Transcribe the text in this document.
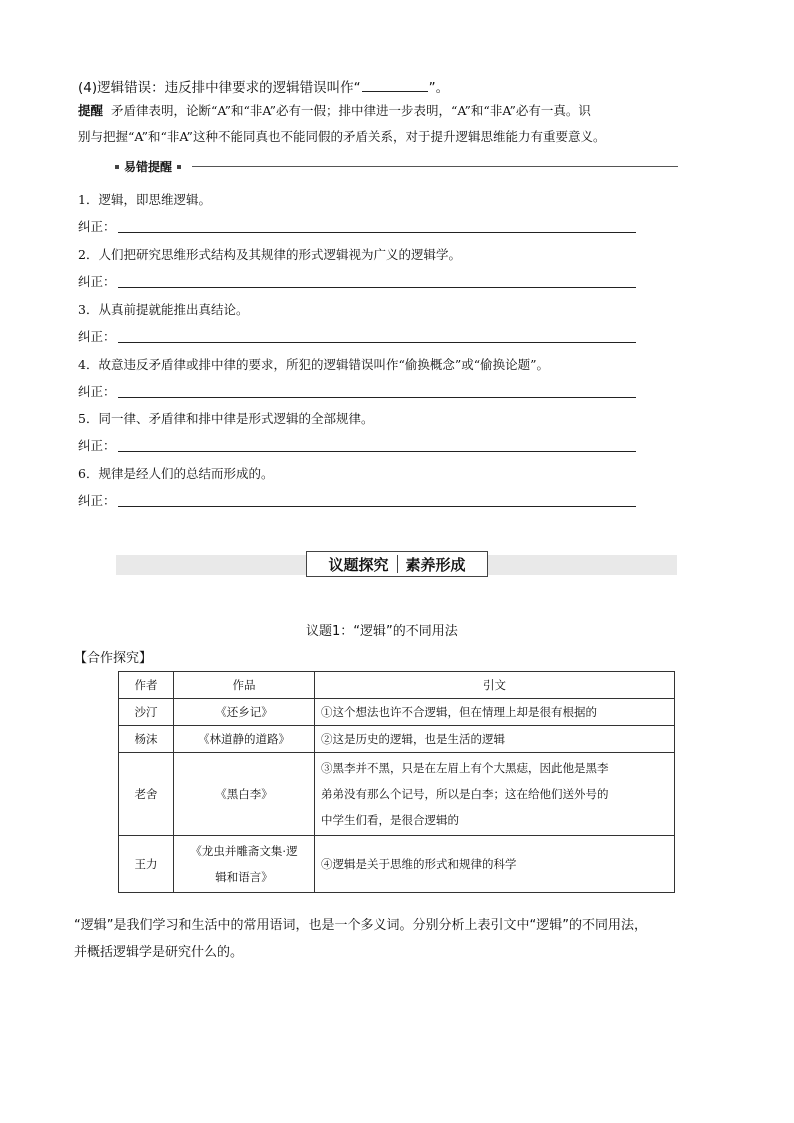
(4)逻辑错误：违反排中律要求的逻辑错误叫作“	”。
提醒 矛盾律表明，论断“A”和“非A”必有一假；排中律进一步表明，“A”和“非A”必有一真。识
别与把握“A”和“非A”这种不能同真也不能同假的矛盾关系，对于提升逻辑思维能力有重要意义。
易错提醒
1．逻辑，即思维逻辑。
纠正：
2．人们把研究思维形式结构及其规律的形式逻辑视为广义的逻辑学。
纠正：
3．从真前提就能推出真结论。
纠正：
4．故意违反矛盾律或排中律的要求，所犯的逻辑错误叫作“偷换概念”或“偷换论题”。
纠正：
5．同一律、矛盾律和排中律是形式逻辑的全部规律。
纠正：
6．规律是经人们的总结而形成的。
纠正：
议题探究	素养形成
议题1：“逻辑”的不同用法
【合作探究】
作者	作品	引文
沙汀	《还乡记》	①这个想法也许不合逻辑，但在情理上却是很有根据的
杨沫	《林道静的道路》	②这是历史的逻辑，也是生活的逻辑
老舍	《黑白李》	③黑李并不黑，只是在左眉上有个大黑痣，因此他是黑李
弟弟没有那么个记号，所以是白李；这在给他们送外号的
中学生们看，是很合逻辑的

王力	《龙虫并雕斋文集·逻
辑和语言》	④逻辑是关于思维的形式和规律的科学
“逻辑”是我们学习和生活中的常用语词，也是一个多义词。分别分析上表引文中“逻辑”的不同用法，
并概括逻辑学是研究什么的。
